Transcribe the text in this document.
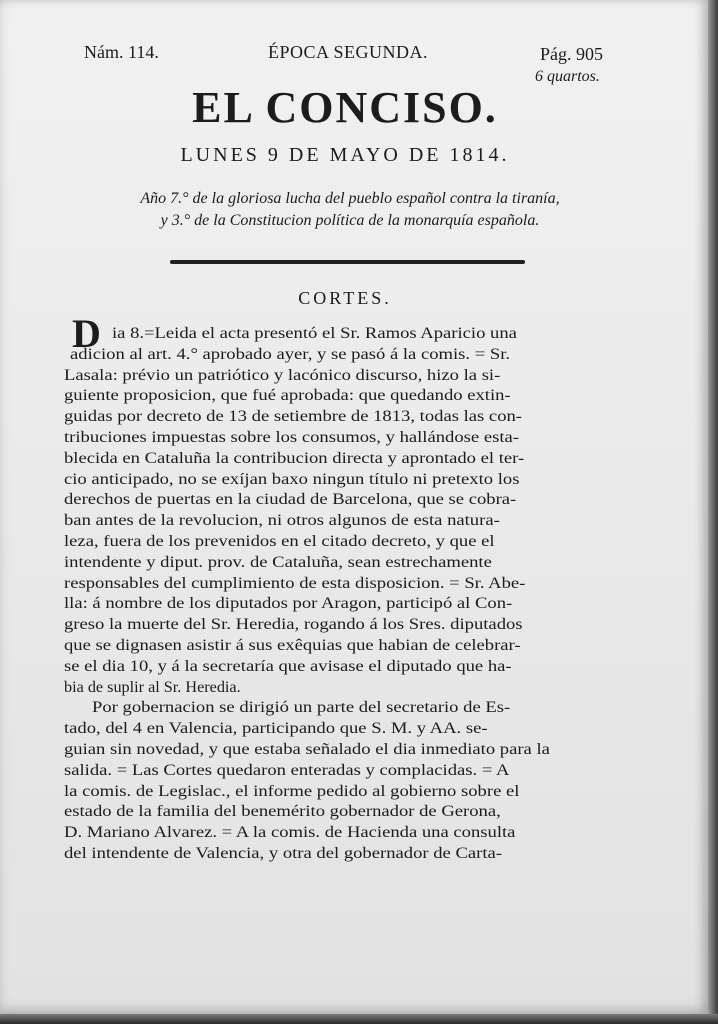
Nám. 114.	ÉPOCA SEGUNDA.	Pág. 905
6 quartos.
EL CONCISO.
LUNES 9 DE MAYO DE 1814.
Año 7.° de la gloriosa lucha del pueblo español contra la tiranía,
y 3.° de la Constitucion política de la monarquía española.
CORTES.
D ia 8.=Leida el acta presentó el Sr. Ramos Aparicio una
adicion al art. 4.° aprobado ayer, y se pasó á la comis. = Sr.
Lasala: prévio un patriótico y lacónico discurso, hizo la si-
guiente proposicion, que fué aprobada: que quedando extin-
guidas por decreto de 13 de setiembre de 1813, todas las con-
tribuciones impuestas sobre los consumos, y hallándose esta-
blecida en Cataluña la contribucion directa y aprontado el ter-
cio anticipado, no se exíjan baxo ningun título ni pretexto los
derechos de puertas en la ciudad de Barcelona, que se cobra-
ban antes de la revolucion, ni otros algunos de esta natura-
leza, fuera de los prevenidos en el citado decreto, y que el
intendente y diput. prov. de Cataluña, sean estrechamente
responsables del cumplimiento de esta disposicion. = Sr. Abe-
lla: á nombre de los diputados por Aragon, participó al Con-
greso la muerte del Sr. Heredia, rogando á los Sres. diputados
que se dignasen asistir á sus exêquias que habian de celebrar-
se el dia 10, y á la secretaría que avisase el diputado que ha-
bia de suplir al Sr. Heredia.
Por gobernacion se dirigió un parte del secretario de Es-
tado, del 4 en Valencia, participando que S. M. y AA. se-
guian sin novedad, y que estaba señalado el dia inmediato para la
salida. = Las Cortes quedaron enteradas y complacidas. = A
la comis. de Legislac., el informe pedido al gobierno sobre el
estado de la familia del benemérito gobernador de Gerona,
D. Mariano Alvarez. = A la comis. de Hacienda una consulta
del intendente de Valencia, y otra del gobernador de Carta-
